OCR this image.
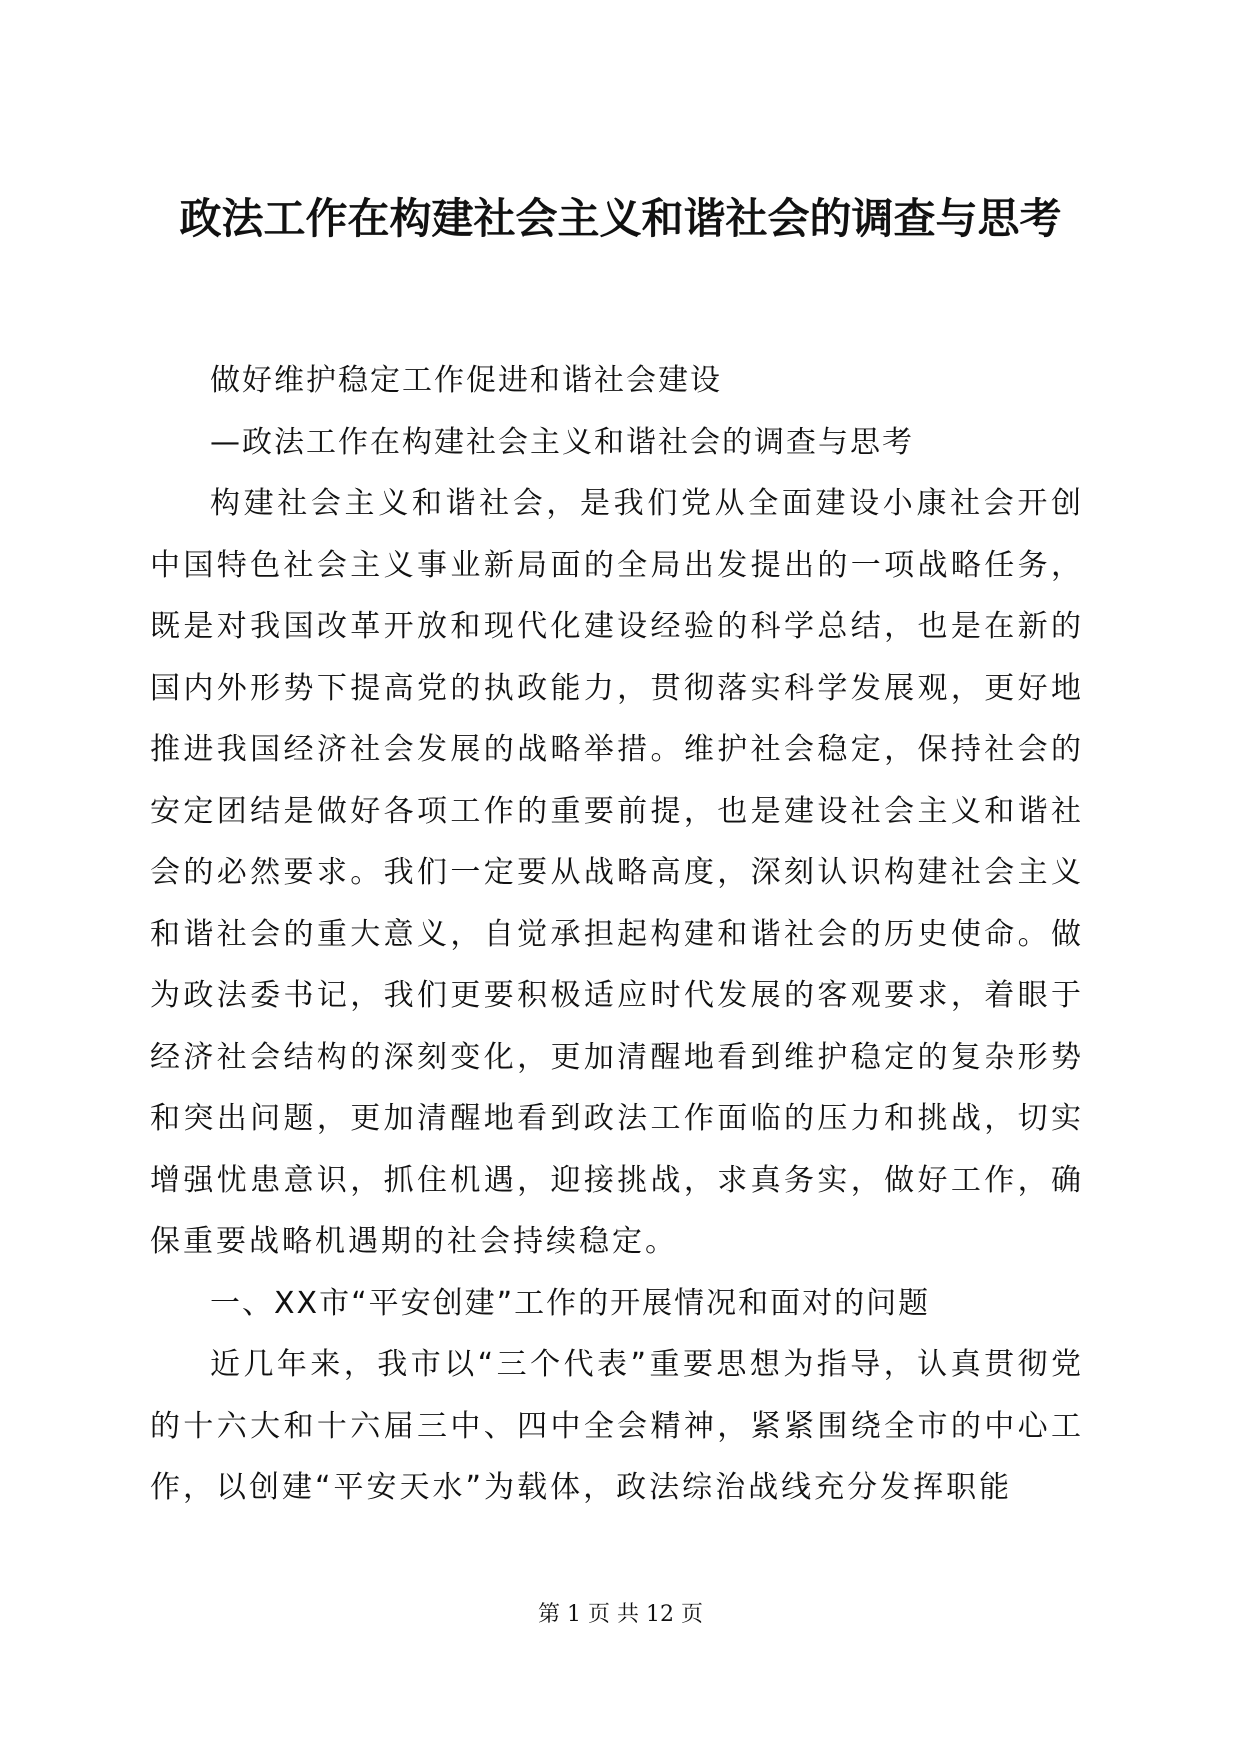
政法工作在构建社会主义和谐社会的调查与思考

做好维护稳定工作促进和谐社会建设

—政法工作在构建社会主义和谐社会的调查与思考

构建社会主义和谐社会，是我们党从全面建设小康社会开创中国特色社会主义事业新局面的全局出发提出的一项战略任务，既是对我国改革开放和现代化建设经验的科学总结，也是在新的国内外形势下提高党的执政能力，贯彻落实科学发展观，更好地推进我国经济社会发展的战略举措。维护社会稳定，保持社会的安定团结是做好各项工作的重要前提，也是建设社会主义和谐社会的必然要求。我们一定要从战略高度，深刻认识构建社会主义和谐社会的重大意义，自觉承担起构建和谐社会的历史使命。做为政法委书记，我们更要积极适应时代发展的客观要求，着眼于经济社会结构的深刻变化，更加清醒地看到维护稳定的复杂形势和突出问题，更加清醒地看到政法工作面临的压力和挑战，切实增强忧患意识，抓住机遇，迎接挑战，求真务实，做好工作，确保重要战略机遇期的社会持续稳定。

一、XX市“平安创建”工作的开展情况和面对的问题

近几年来，我市以“三个代表”重要思想为指导，认真贯彻党的十六大和十六届三中、四中全会精神，紧紧围绕全市的中心工作，以创建“平安天水”为载体，政法综治战线充分发挥职能

第 1 页 共 12 页
